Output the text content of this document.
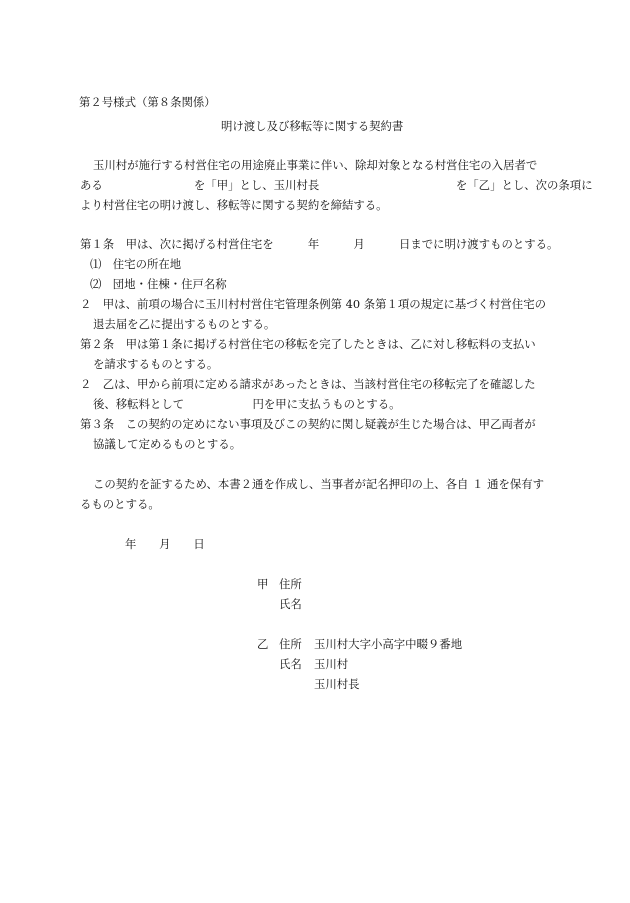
第２号様式（第８条関係）
明け渡し及び移転等に関する契約書
玉川村が施行する村営住宅の用途廃止事業に伴い、除却対象となる村営住宅の入居者で
ある　　　　　　　　を「甲」とし、玉川村長　　　　　　　　　　　　を「乙」とし、次の条項に
より村営住宅の明け渡し、移転等に関する契約を締結する。
第１条　甲は、次に掲げる村営住宅を　　　年　　　月　　　日までに明け渡すものとする。
⑴　住宅の所在地
⑵　団地・住棟・住戸名称
２　甲は、前項の場合に玉川村村営住宅管理条例第 40 条第１項の規定に基づく村営住宅の
退去届を乙に提出するものとする。
第２条　甲は第１条に掲げる村営住宅の移転を完了したときは、乙に対し移転料の支払い
を請求するものとする。
２　乙は、甲から前項に定める請求があったときは、当該村営住宅の移転完了を確認した
後、移転料として　　　　　　円を甲に支払うものとする。
第３条　この契約の定めにない事項及びこの契約に関し疑義が生じた場合は、甲乙両者が
協議して定めるものとする。
この契約を証するため、本書２通を作成し、当事者が記名押印の上、各自 １ 通を保有す
るものとする。
年　　月　　日
甲 住所
氏名
乙 住所 玉川村大字小高字中畷９番地
氏名 玉川村
玉川村長
